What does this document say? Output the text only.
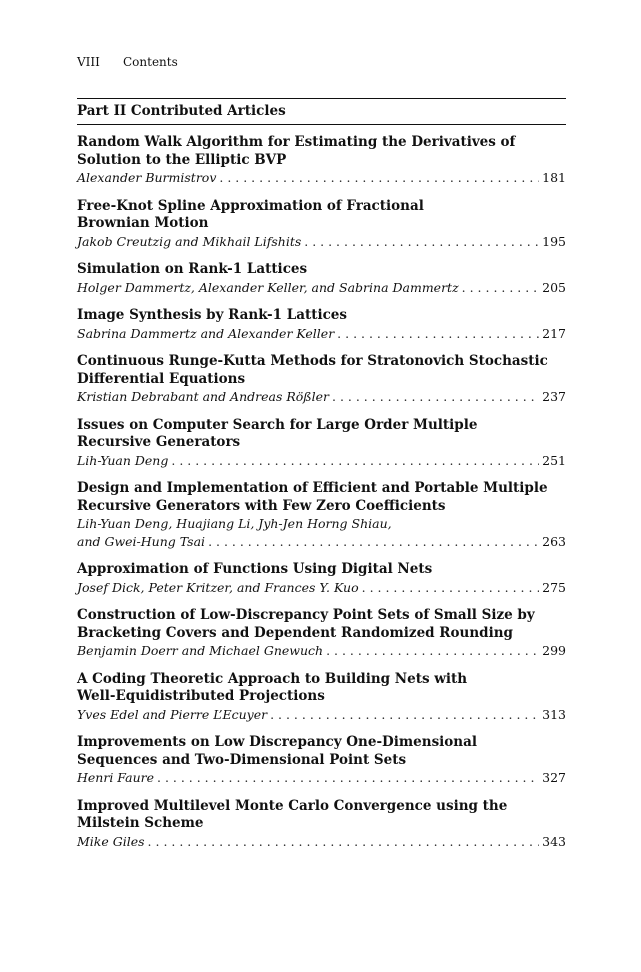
VIII Contents
Part II Contributed Articles
Random Walk Algorithm for Estimating the Derivatives of
Solution to the Elliptic BVP
Alexander Burmistrov . . .	181
Free-Knot Spline Approximation of Fractional
Brownian Motion
Jakob Creutzig and Mikhail Lifshits . . .	195
Simulation on Rank-1 Lattices
Holger Dammertz, Alexander Keller, and Sabrina Dammertz . . .	205
Image Synthesis by Rank-1 Lattices
Sabrina Dammertz and Alexander Keller . . .	217
Continuous Runge-Kutta Methods for Stratonovich Stochastic
Differential Equations
Kristian Debrabant and Andreas Rößler . . .	237
Issues on Computer Search for Large Order Multiple
Recursive Generators
Lih-Yuan Deng . . .	251
Design and Implementation of Efficient and Portable Multiple
Recursive Generators with Few Zero Coefficients
Lih-Yuan Deng, Huajiang Li, Jyh-Jen Horng Shiau,
and Gwei-Hung Tsai . . .	263
Approximation of Functions Using Digital Nets
Josef Dick, Peter Kritzer, and Frances Y. Kuo . . .	275
Construction of Low-Discrepancy Point Sets of Small Size by
Bracketing Covers and Dependent Randomized Rounding
Benjamin Doerr and Michael Gnewuch . . .	299
A Coding Theoretic Approach to Building Nets with
Well-Equidistributed Projections
Yves Edel and Pierre L’Ecuyer . . .	313
Improvements on Low Discrepancy One-Dimensional
Sequences and Two-Dimensional Point Sets
Henri Faure . . .	327
Improved Multilevel Monte Carlo Convergence using the
Milstein Scheme
Mike Giles . . .	343
